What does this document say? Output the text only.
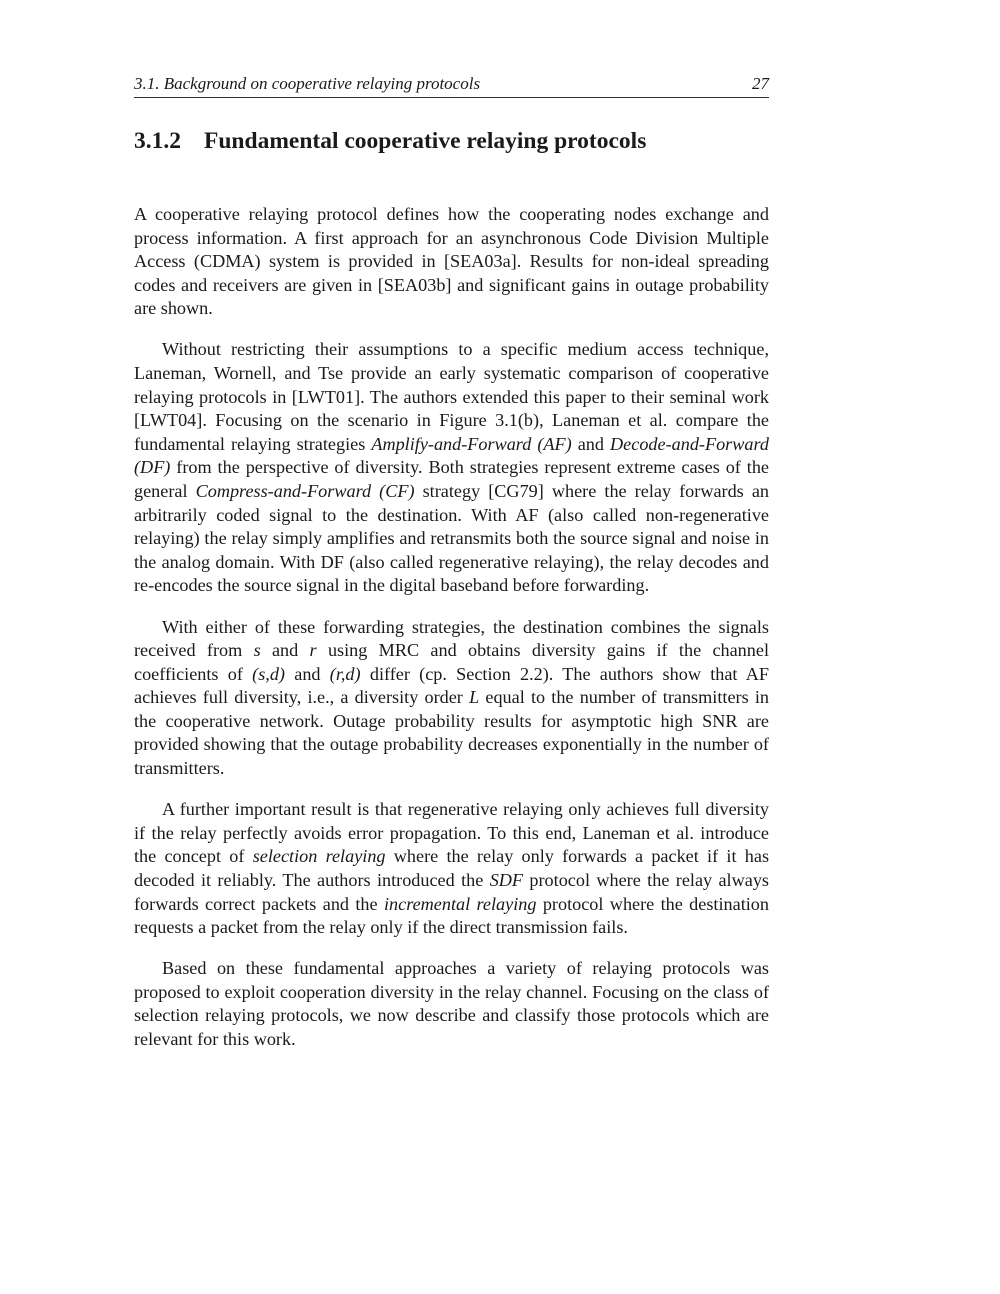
3.1. Background on cooperative relaying protocols	27
3.1.2 Fundamental cooperative relaying protocols

A cooperative relaying protocol defines how the cooperating nodes exchange and process information. A first approach for an asynchronous Code Division Multiple Access (CDMA) system is provided in [SEA03a]. Results for non-ideal spreading codes and receivers are given in [SEA03b] and significant gains in outage probability are shown.

Without restricting their assumptions to a specific medium access technique, Laneman, Wornell, and Tse provide an early systematic comparison of cooperative relaying protocols in [LWT01]. The authors extended this paper to their seminal work [LWT04]. Focusing on the scenario in Figure 3.1(b), Laneman et al. compare the fundamental relaying strategies Amplify-and-Forward (AF) and Decode-and-Forward (DF) from the perspective of diversity. Both strategies represent extreme cases of the general Compress-and-Forward (CF) strategy [CG79] where the relay forwards an arbitrarily coded signal to the destination. With AF (also called non-regenerative relaying) the relay simply amplifies and retransmits both the source signal and noise in the analog domain. With DF (also called regenerative relaying), the relay decodes and re-encodes the source signal in the digital baseband before forwarding.

With either of these forwarding strategies, the destination combines the signals received from s and r using MRC and obtains diversity gains if the channel coefficients of (s,d) and (r,d) differ (cp. Section 2.2). The authors show that AF achieves full diversity, i.e., a diversity order L equal to the number of transmitters in the cooperative network. Outage probability results for asymptotic high SNR are provided showing that the outage probability decreases exponentially in the number of transmitters.

A further important result is that regenerative relaying only achieves full diversity if the relay perfectly avoids error propagation. To this end, Laneman et al. introduce the concept of selection relaying where the relay only forwards a packet if it has decoded it reliably. The authors introduced the SDF protocol where the relay always forwards correct packets and the incremental relaying protocol where the destination requests a packet from the relay only if the direct transmission fails.

Based on these fundamental approaches a variety of relaying protocols was proposed to exploit cooperation diversity in the relay channel. Focusing on the class of selection relaying protocols, we now describe and classify those protocols which are relevant for this work.
